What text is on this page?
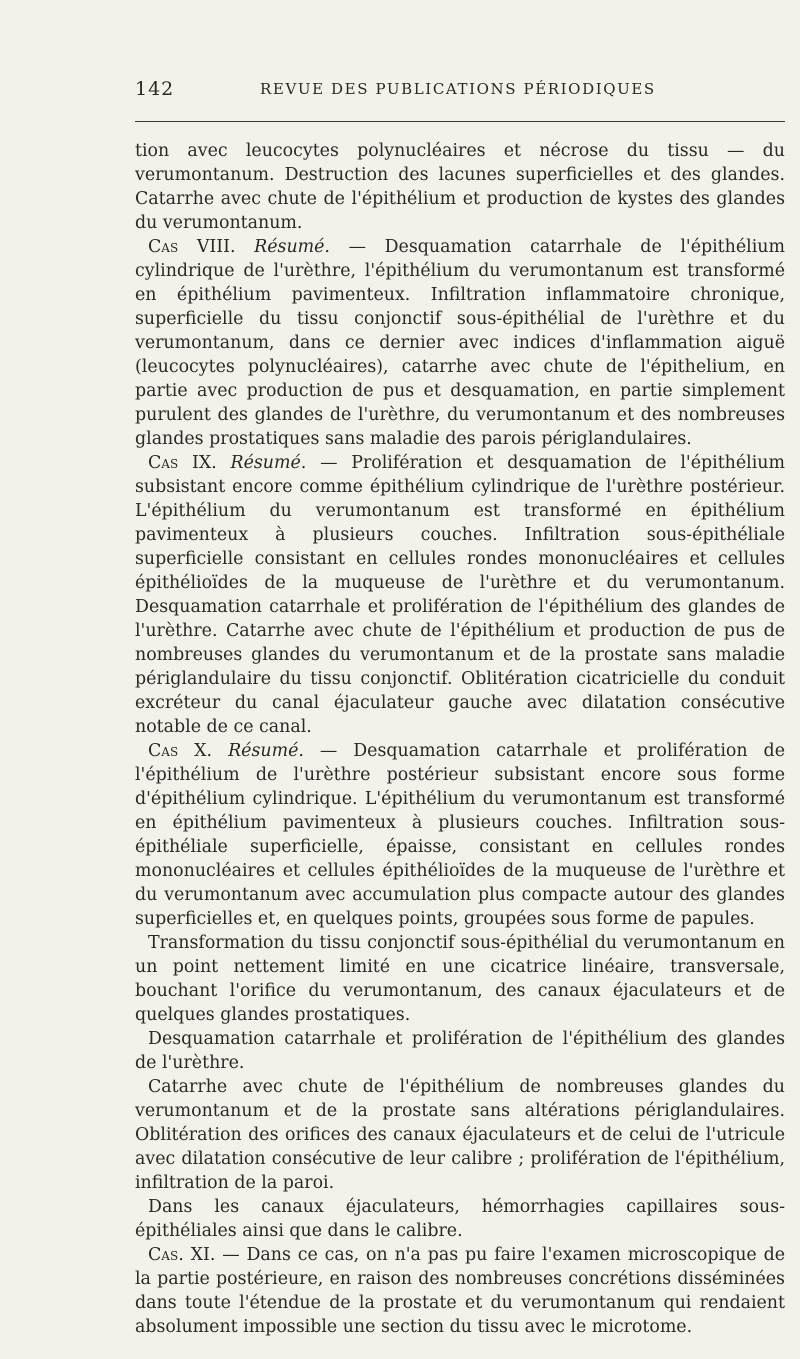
142	REVUE DES PUBLICATIONS PÉRIODIQUES

tion avec leucocytes polynucléaires et nécrose du tissu — du verumontanum. Destruction des lacunes superficielles et des glandes. Catarrhe avec chute de l'épithélium et production de kystes des glandes du verumontanum.

Cas VIII. Résumé. — Desquamation catarrhale de l'épithélium cylindrique de l'urèthre, l'épithélium du verumontanum est transformé en épithélium pavimenteux. Infiltration inflammatoire chronique, superficielle du tissu conjonctif sous-épithélial de l'urèthre et du verumontanum, dans ce dernier avec indices d'inflammation aiguë (leucocytes polynucléaires), catarrhe avec chute de l'épithelium, en partie avec production de pus et desquamation, en partie simplement purulent des glandes de l'urèthre, du verumontanum et des nombreuses glandes prostatiques sans maladie des parois périglandulaires.

Cas IX. Résumé. — Prolifération et desquamation de l'épithélium subsistant encore comme épithélium cylindrique de l'urèthre postérieur. L'épithélium du verumontanum est transformé en épithélium pavimenteux à plusieurs couches. Infiltration sous-épithéliale superficielle consistant en cellules rondes mononucléaires et cellules épithélioïdes de la muqueuse de l'urèthre et du verumontanum. Desquamation catarrhale et prolifération de l'épithélium des glandes de l'urèthre. Catarrhe avec chute de l'épithélium et production de pus de nombreuses glandes du verumontanum et de la prostate sans maladie périglandulaire du tissu conjonctif. Oblitération cicatricielle du conduit excréteur du canal éjaculateur gauche avec dilatation consécutive notable de ce canal.

Cas X. Résumé. — Desquamation catarrhale et prolifération de l'épithélium de l'urèthre postérieur subsistant encore sous forme d'épithélium cylindrique. L'épithélium du verumontanum est transformé en épithélium pavimenteux à plusieurs couches. Infiltration sous-épithéliale superficielle, épaisse, consistant en cellules rondes mononucléaires et cellules épithélioïdes de la muqueuse de l'urèthre et du verumontanum avec accumulation plus compacte autour des glandes superficielles et, en quelques points, groupées sous forme de papules.

Transformation du tissu conjonctif sous-épithélial du verumontanum en un point nettement limité en une cicatrice linéaire, transversale, bouchant l'orifice du verumontanum, des canaux éjaculateurs et de quelques glandes prostatiques.

Desquamation catarrhale et prolifération de l'épithélium des glandes de l'urèthre.

Catarrhe avec chute de l'épithélium de nombreuses glandes du verumontanum et de la prostate sans altérations périglandulaires. Oblitération des orifices des canaux éjaculateurs et de celui de l'utricule avec dilatation consécutive de leur calibre ; prolifération de l'épithélium, infiltration de la paroi.

Dans les canaux éjaculateurs, hémorrhagies capillaires sous-épithéliales ainsi que dans le calibre.

Cas. XI. — Dans ce cas, on n'a pas pu faire l'examen microscopique de la partie postérieure, en raison des nombreuses concrétions disséminées dans toute l'étendue de la prostate et du verumontanum qui rendaient absolument impossible une section du tissu avec le microtome.
